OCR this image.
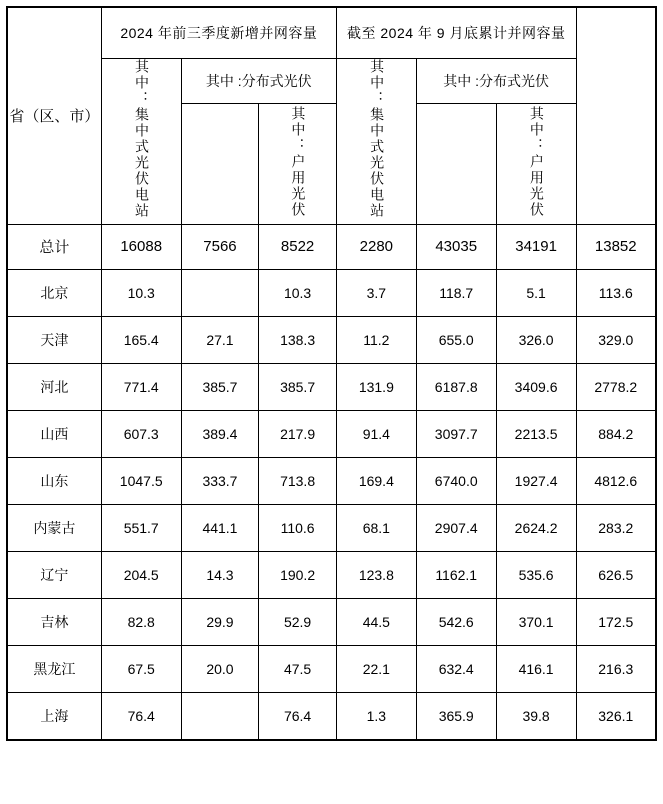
省（区、市）	2024 年前三季度新增并网容量			截至 2024 年 9 月底累计并网容量		
	其中：集中式光伏电站	其中 :分布式光伏		其中：集中式光伏电站	其中 :分布式光伏		
			其中：户用光伏			其中：户用光伏	

总计	16088	7566	8522	2280	43035	34191	13852
北京	10.3		10.3	3.7	118.7	5.1	113.6
天津	165.4	27.1	138.3	11.2	655.0	326.0	329.0
河北	771.4	385.7	385.7	131.9	6187.8	3409.6	2778.2
山西	607.3	389.4	217.9	91.4	3097.7	2213.5	884.2
山东	1047.5	333.7	713.8	169.4	6740.0	1927.4	4812.6
内蒙古	551.7	441.1	110.6	68.1	2907.4	2624.2	283.2
辽宁	204.5	14.3	190.2	123.8	1162.1	535.6	626.5
吉林	82.8	29.9	52.9	44.5	542.6	370.1	172.5
黑龙江	67.5	20.0	47.5	22.1	632.4	416.1	216.3
上海	76.4		76.4	1.3	365.9	39.8	326.1
